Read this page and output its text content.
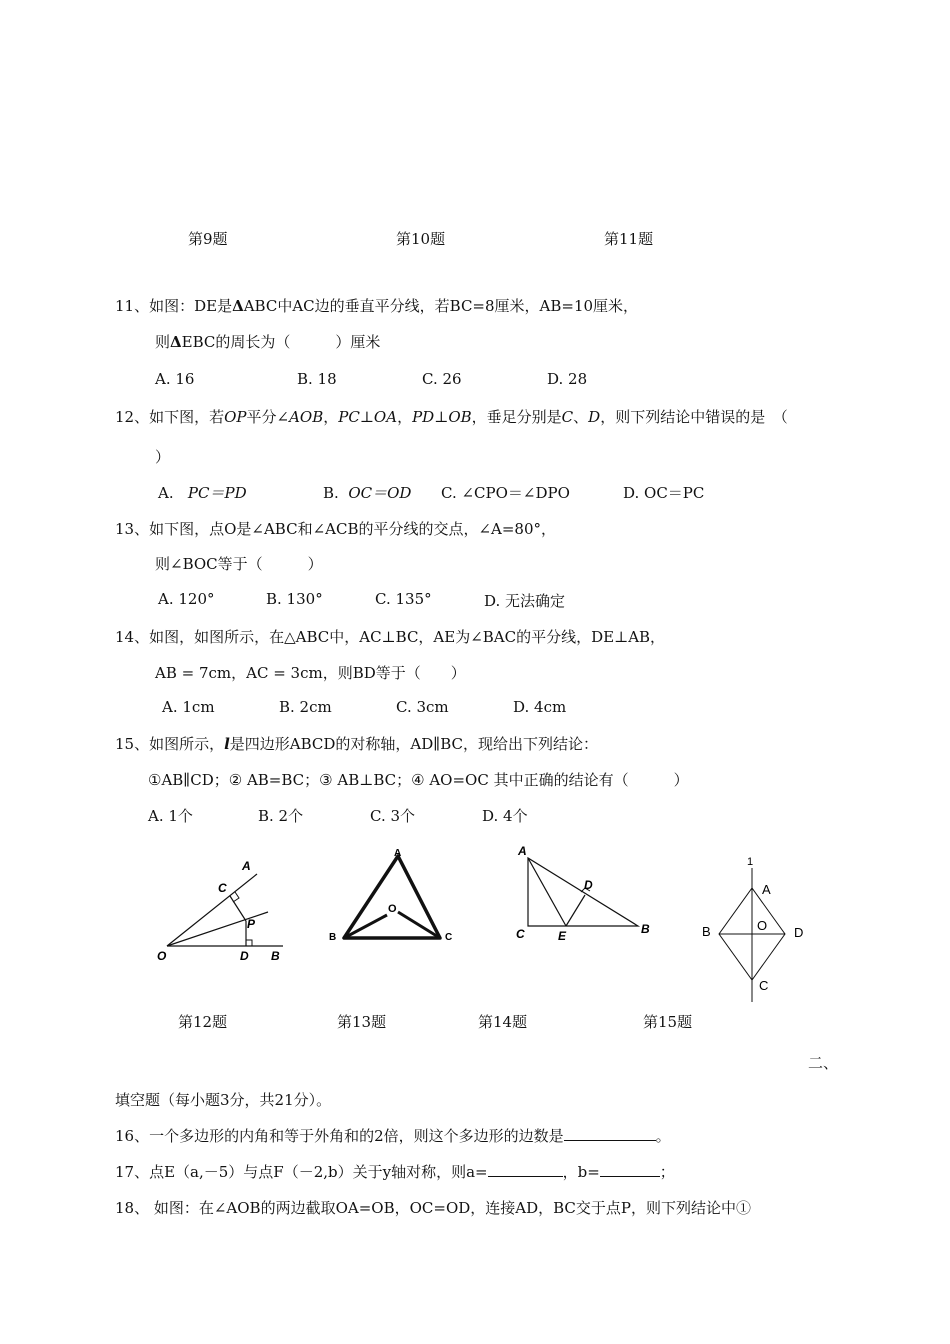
第9题	第10题	第11题
11、如图：DE是ΔABC中AC边的垂直平分线，若BC=8厘米，AB=10厘米，
则ΔEBC的周长为（　　　）厘米
A. 16	B. 18	C. 26	D. 28
12、如下图，若OP平分∠AOB，PC⊥OA，PD⊥OB，垂足分别是C、D，则下列结论中错误的是　（
）
A. PC＝PD	B. OC＝OD C. ∠CPO＝∠DPO	D. OC＝PC
13、如下图，点O是∠ABC和∠ACB的平分线的交点，∠A=80°，
则∠BOC等于（　　　）
A. 120°	B. 130°	C. 135°	D. 无法确定
14、如图，如图所示，在△ABC中，AC⊥BC，AE为∠BAC的平分线，DE⊥AB，
AB = 7cm，AC = 3cm，则BD等于（　　）
A. 1cm	B. 2cm	C. 3cm	D. 4cm
15、如图所示，l是四边形ABCD的对称轴，AD∥BC，现给出下列结论：
①AB∥CD；② AB=BC；③ AB⊥BC；④ AO=OC 其中正确的结论有（　　　）
A. 1个	B. 2个	C. 3个	D. 4个
A
C
P
O	D B
A
O
B	C
A
D
C	E	B
1
A
B	O D
C
第12题	第13题	第14题	第15题
二、
填空题（每小题3分，共21分）。
16、一个多边形的内角和等于外角和的2倍，则这个多边形的边数是	。
17、点E（a,－5）与点F（－2,b）关于y轴对称，则a=	，b=	；
18、 如图：在∠AOB的两边截取OA=OB，OC=OD，连接AD，BC交于点P，则下列结论中①
